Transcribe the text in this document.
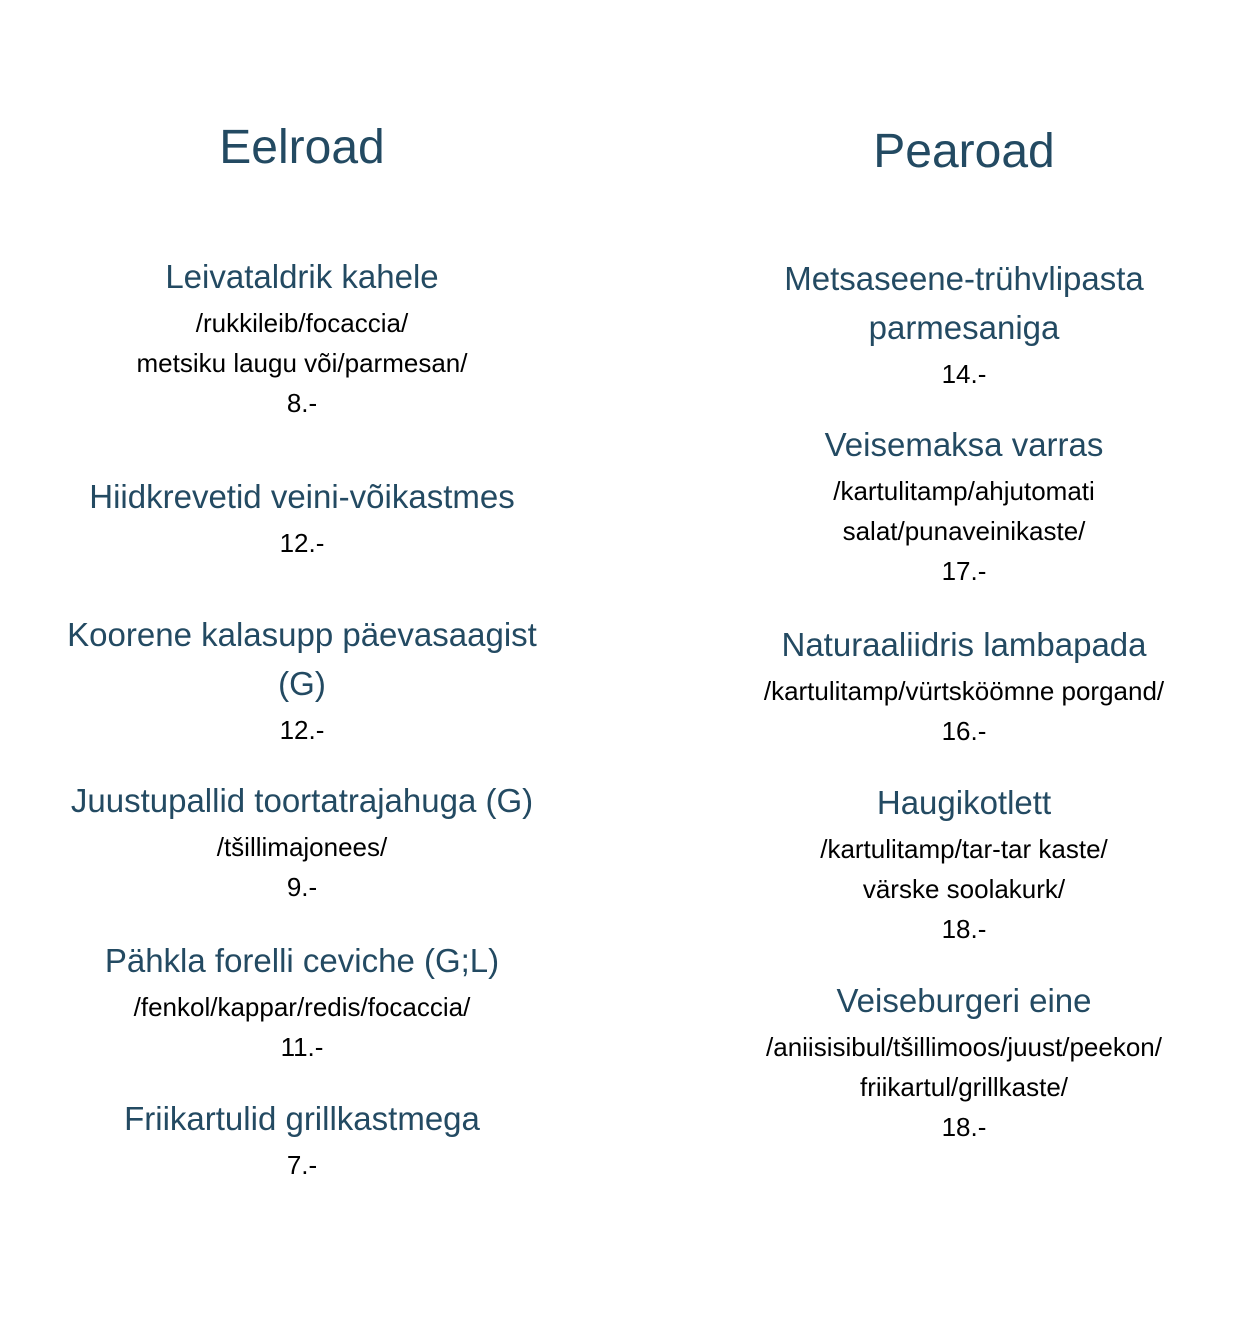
Eelroad
Leivataldrik kahele
/rukkileib/focaccia/
metsiku laugu või/parmesan/
8.-
Hiidkrevetid veini-võikastmes
12.-
Koorene kalasupp päevasaagist
(G)
12.-
Juustupallid toortatrajahuga (G)
/tšillimajonees/
9.-
Pähkla forelli ceviche (G;L)
/fenkol/kappar/redis/focaccia/
11.-
Friikartulid grillkastmega
7.-
Pearoad
Metsaseene-trühvlipasta
parmesaniga
14.-
Veisemaksa varras
/kartulitamp/ahjutomati
salat/punaveinikaste/
17.-
Naturaaliidris lambapada
/kartulitamp/vürtsköömne porgand/
16.-
Haugikotlett
/kartulitamp/tar-tar kaste/
värske soolakurk/
18.-
Veiseburgeri eine
/aniisisibul/tšillimoos/juust/peekon/
friikartul/grillkaste/
18.-
